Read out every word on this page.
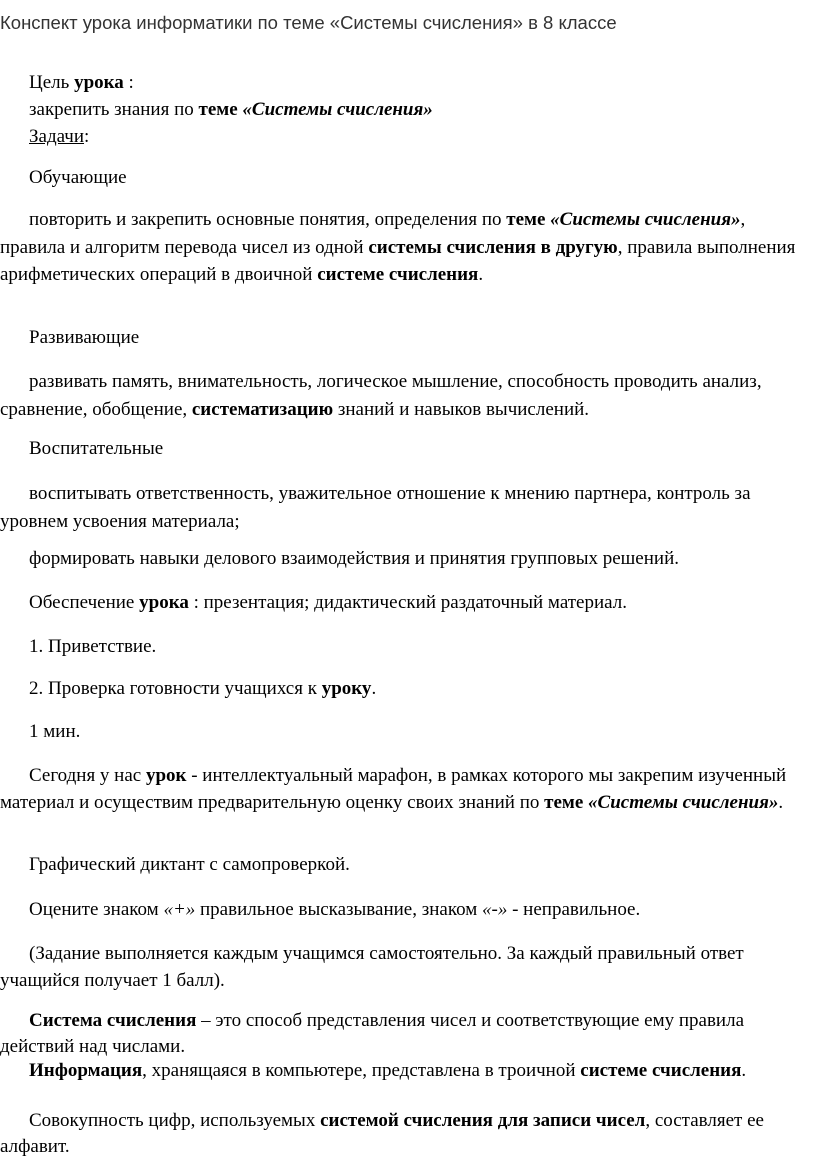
Конспект урока информатики по теме «Системы счисления» в 8 классе
Цель урока :
закрепить знания по теме «Системы счисления»
Задачи:
Обучающие
повторить и закрепить основные понятия, определения по теме «Системы счисления», правила и алгоритм перевода чисел из одной системы счисления в другую, правила выполнения арифметических операций в двоичной системе счисления.
Развивающие
развивать память, внимательность, логическое мышление, способность проводить анализ, сравнение, обобщение, систематизацию знаний и навыков вычислений.
Воспитательные
воспитывать ответственность, уважительное отношение к мнению партнера, контроль за уровнем усвоения материала;
формировать навыки делового взаимодействия и принятия групповых решений.
Обеспечение урока : презентация; дидактический раздаточный материал.
1. Приветствие.
2. Проверка готовности учащихся к уроку.
1 мин.
Сегодня у нас урок - интеллектуальный марафон, в рамках которого мы закрепим изученный материал и осуществим предварительную оценку своих знаний по теме «Системы счисления».
Графический диктант с самопроверкой.
Оцените знаком «+» правильное высказывание, знаком «-» - неправильное.
(Задание выполняется каждым учащимся самостоятельно. За каждый правильный ответ учащийся получает 1 балл).
Система счисления – это способ представления чисел и соответствующие ему правила действий над числами.
Информация, хранящаяся в компьютере, представлена в троичной системе счисления.
Совокупность цифр, используемых системой счисления для записи чисел, составляет ее алфавит.
